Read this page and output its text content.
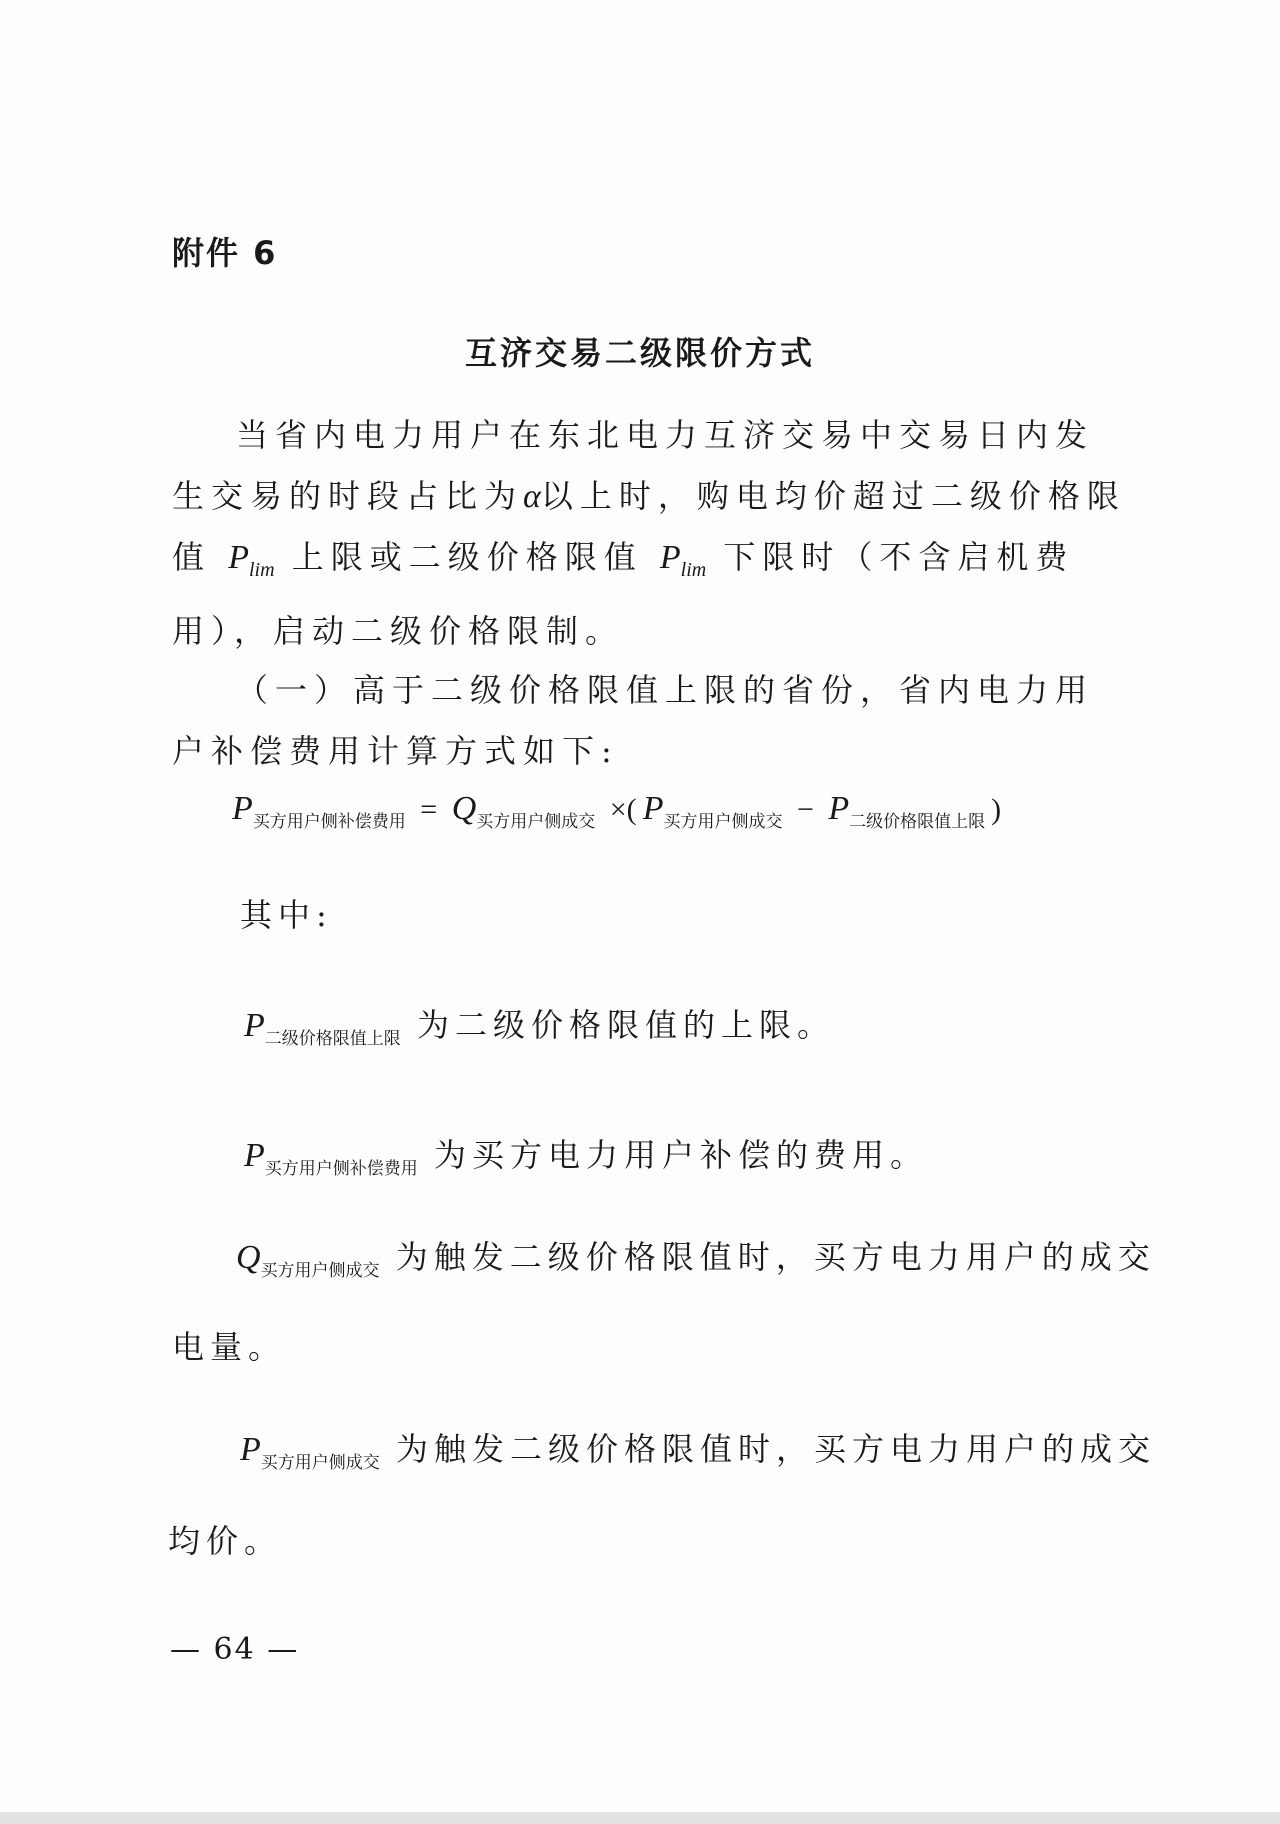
附件 6
互济交易二级限价方式
当省内电力用户在东北电力互济交易中交易日内发生交易的时段占比为α以上时，购电均价超过二级价格限值 $P_{lim}$ 上限或二级价格限值 $P_{lim}$ 下限时（不含启机费用），启动二级价格限制。
（一）高于二级价格限值上限的省份，省内电力用户补偿费用计算方式如下:
$P_{买方用户侧补偿费用} = Q_{买方用户侧成交}$ ×( $P_{买方用户侧成交} - P_{二级价格限值上限}$ )
其中:
$P_{二级价格限值上限}$ 为二级价格限值的上限。
$P_{买方用户侧补偿费用}$ 为买方电力用户补偿的费用。
$Q_{买方用户侧成交}$ 为触发二级价格限值时，买方电力用户的成交
电量。
$P_{买方用户侧成交}$ 为触发二级价格限值时，买方电力用户的成交
均价。
— 64 —
